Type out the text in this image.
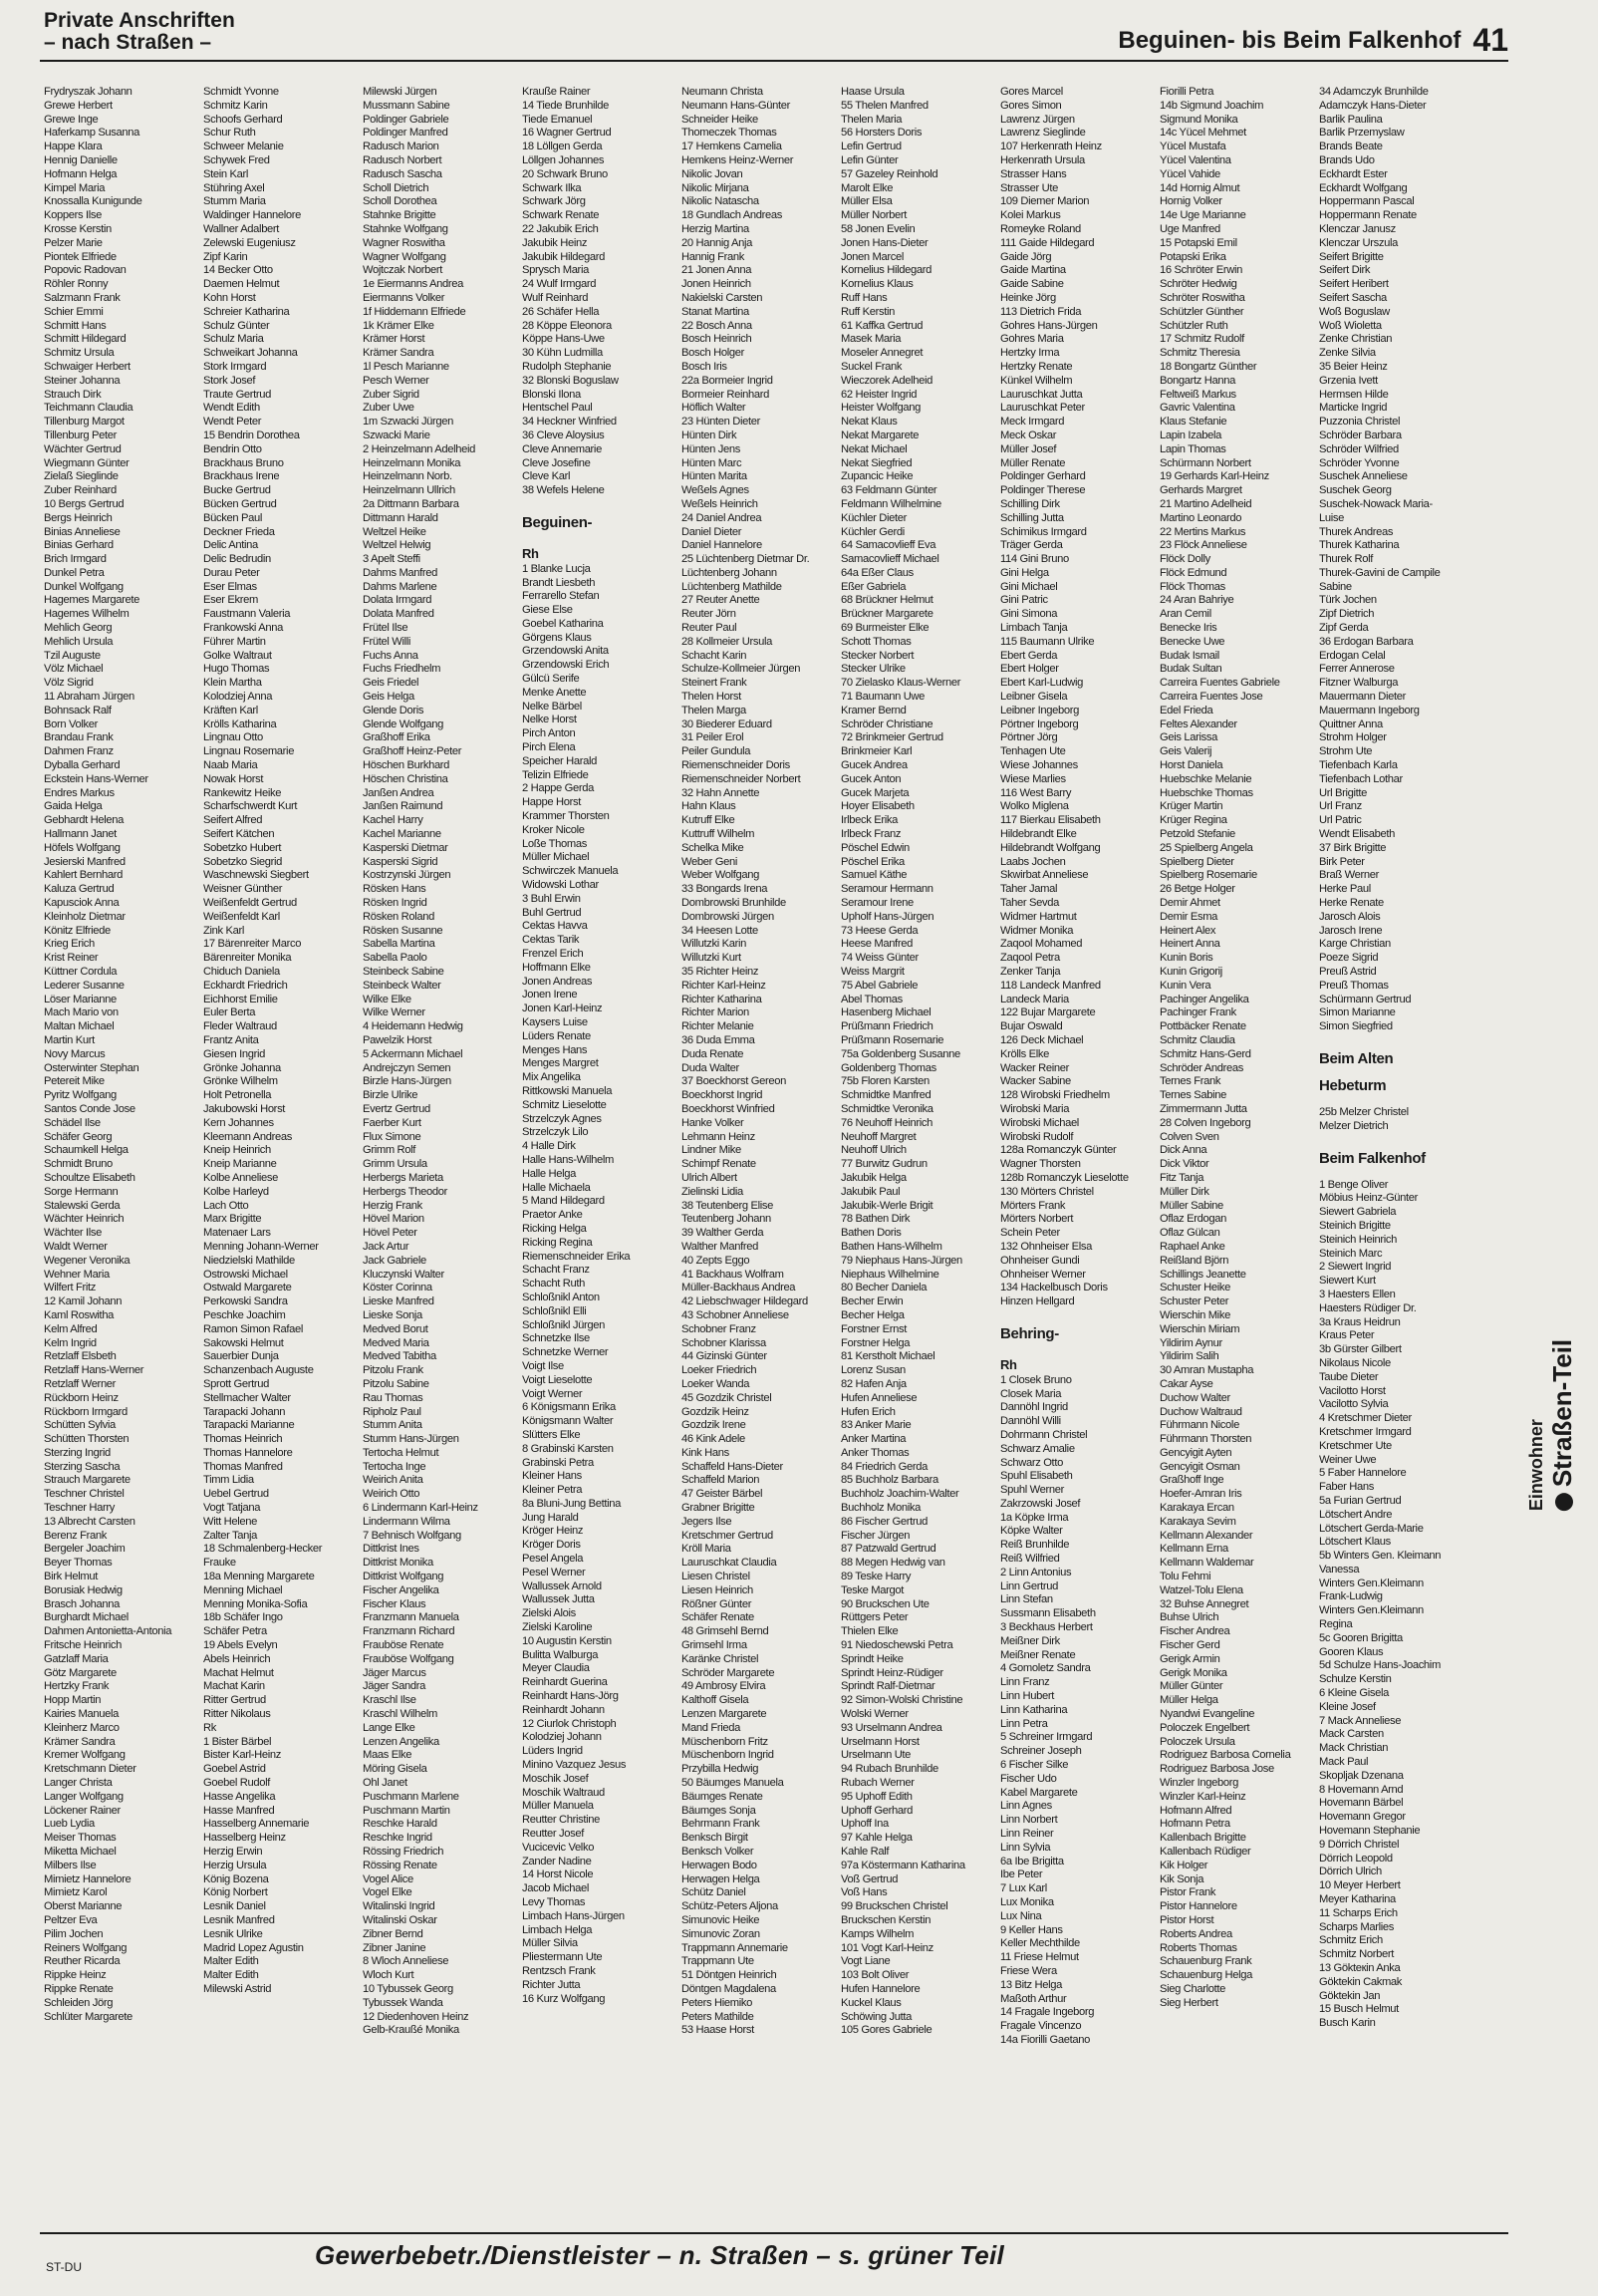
Private Anschriften
– nach Straßen –	Beguinen- bis Beim Falkenhof 41
Frydryszak Johann
Grewe Herbert
Grewe Inge
Haferkamp Susanna
Happe Klara
Hennig Danielle
Hofmann Helga
Kimpel Maria
Knossalla Kunigunde
Koppers Ilse
Krosse Kerstin
Pelzer Marie
Piontek Elfriede
Popovic Radovan
Röhler Ronny
Salzmann Frank
Schier Emmi
Schmitt Hans
Schmitt Hildegard
Schmitz Ursula
Schwaiger Herbert
Steiner Johanna
Strauch Dirk
Teichmann Claudia
Tillenburg Margot
Tillenburg Peter
Wächter Gertrud
Wiegmann Günter
Zielaß Sieglinde
Zuber Reinhard
10 Bergs Gertrud
Bergs Heinrich
Binias Anneliese
Binias Gerhard
Brich Irmgard
Dunkel Petra
Dunkel Wolfgang
Hagemes Margarete
Hagemes Wilhelm
Mehlich Georg
Mehlich Ursula
Tzil Auguste
Völz Michael
Völz Sigrid
11 Abraham Jürgen
Bohnsack Ralf
Born Volker
Brandau Frank
Dahmen Franz
Dyballa Gerhard
Eckstein Hans-Werner
Endres Markus
Gaida Helga
Gebhardt Helena
Hallmann Janet
Höfels Wolfgang
Jesierski Manfred
Kahlert Bernhard
Kaluza Gertrud
Kapusciok Anna
Kleinholz Dietmar
Könitz Elfriede
Krieg Erich
Krist Reiner
Küttner Cordula
Lederer Susanne
Löser Marianne
Mach Mario von
Maltan Michael
Martin Kurt
Novy Marcus
Osterwinter Stephan
Petereit Mike
Pyritz Wolfgang
Santos Conde Jose
Schädel Ilse
Schäfer Georg
Schaumkell Helga
Schmidt Bruno
Schoultze Elisabeth
Sorge Hermann
Stalewski Gerda
Wächter Heinrich
Wächter Ilse
Waldt Werner
Wegener Veronika
Wehner Maria
Wilfert Fritz
12 Kamil Johann
Kaml Roswitha
Kelm Alfred
Kelm Ingrid
Retzlaff Elsbeth
Retzlaff Hans-Werner
Retzlaff Werner
Rückborn Heinz
Rückborn Irmgard
Schütten Sylvia
Schütten Thorsten
Sterzing Ingrid
Sterzing Sascha
Strauch Margarete
Teschner Christel
Teschner Harry
13 Albrecht Carsten
Berenz Frank
Bergeler Joachim
Beyer Thomas
Birk Helmut
Borusiak Hedwig
Brasch Johanna
Burghardt Michael
Dahmen Antonietta-Antonia
Fritsche Heinrich
Gatzlaff Maria
Götz Margarete
Hertzky Frank
Hopp Martin
Kairies Manuela
Kleinherz Marco
Krämer Sandra
Kremer Wolfgang
Kretschmann Dieter
Langer Christa
Langer Wolfgang
Löckener Rainer
Lueb Lydia
Meiser Thomas
Miketta Michael
Milbers Ilse
Mimietz Hannelore
Mimietz Karol
Oberst Marianne
Peltzer Eva
Pilim Jochen
Reiners Wolfgang
Reuther Ricarda
Rippke Heinz
Rippke Renate
Schleiden Jörg
Schlüter Margarete
Schmidt Yvonne
Schmitz Karin
Schoofs Gerhard
Schur Ruth
Schweer Melanie
Schywek Fred
Stein Karl
Stühring Axel
Stumm Maria
Waldinger Hannelore
Wallner Adalbert
Zelewski Eugeniusz
Zipf Karin
14 Becker Otto
Daemen Helmut
Kohn Horst
Schreier Katharina
Schulz Günter
Schulz Maria
Schweikart Johanna
Stork Irmgard
Stork Josef
Traute Gertrud
Wendt Edith
Wendt Peter
15 Bendrin Dorothea
Bendrin Otto
Brackhaus Bruno
Brackhaus Irene
Bucke Gertrud
Bücken Gertrud
Bücken Paul
Deckner Frieda
Delic Antina
Delic Bedrudin
Durau Peter
Eser Elmas
Eser Ekrem
Faustmann Valeria
Frankowski Anna
Führer Martin
Golke Waltraut
Hugo Thomas
Klein Martha
Kolodziej Anna
Kräften Karl
Krölls Katharina
Lingnau Otto
Lingnau Rosemarie
Naab Maria
Nowak Horst
Rankewitz Heike
Scharfschwerdt Kurt
Seifert Alfred
Seifert Kätchen
Sobetzko Hubert
Sobetzko Siegrid
Waschnewski Siegbert
Weisner Günther
Weißenfeldt Gertrud
Weißenfeldt Karl
Zink Karl
17 Bärenreiter Marco
Bärenreiter Monika
Chiduch Daniela
Eckhardt Friedrich
Eichhorst Emilie
Euler Berta
Fleder Waltraud
Frantz Anita
Giesen Ingrid
Grönke Johanna
Grönke Wilhelm
Holt Petronella
Jakubowski Horst
Kern Johannes
Kleemann Andreas
Kneip Heinrich
Kneip Marianne
Kolbe Anneliese
Kolbe Harleyd
Lach Otto
Marx Brigitte
Matenaer Lars
Menning Johann-Werner
Niedzielski Mathilde
Ostrowski Michael
Ostwald Margarete
Perkowski Sandra
Peschke Joachim
Ramon Simon Rafael
Sakowski Helmut
Sauerbier Dunja
Schanzenbach Auguste
Sprott Gertrud
Stellmacher Walter
Tarapacki Johann
Tarapacki Marianne
Thomas Heinrich
Thomas Hannelore
Thomas Manfred
Timm Lidia
Uebel Gertrud
Vogt Tatjana
Witt Helene
Zalter Tanja
18 Schmalenberg-Hecker
Frauke
18a Menning Margarete
Menning Michael
Menning Monika-Sofia
18b Schäfer Ingo
Schäfer Petra
19 Abels Evelyn
Abels Heinrich
Machat Helmut
Machat Karin
Ritter Gertrud
Ritter Nikolaus
Rk
1 Bister Bärbel
Bister Karl-Heinz
Goebel Astrid
Goebel Rudolf
Hasse Angelika
Hasse Manfred
Hasselberg Annemarie
Hasselberg Heinz
Herzig Erwin
Herzig Ursula
König Bozena
König Norbert
Lesnik Daniel
Lesnik Manfred
Lesnik Ulrike
Madrid Lopez Agustin
Malter Edith
Malter Edith
Milewski Astrid
Milewski Jürgen
Mussmann Sabine
Poldinger Gabriele
Poldinger Manfred
Radusch Marion
Radusch Norbert
Radusch Sascha
Scholl Dietrich
Scholl Dorothea
Stahnke Brigitte
Stahnke Wolfgang
Wagner Roswitha
Wagner Wolfgang
Wojtczak Norbert
1e Eiermanns Andrea
Eiermanns Volker
1f Hiddemann Elfriede
1k Krämer Elke
Krämer Horst
Krämer Sandra
1l Pesch Marianne
Pesch Werner
Zuber Sigrid
Zuber Uwe
1m Szwacki Jürgen
Szwacki Marie
2 Heinzelmann Adelheid
Heinzelmann Monika
Heinzelmann Norb.
Heinzelmann Ullrich
2a Dittmann Barbara
Dittmann Harald
Weltzel Heike
Weltzel Helwig
3 Apelt Steffi
Dahms Manfred
Dahms Marlene
Dolata Irmgard
Dolata Manfred
Frütel Ilse
Frütel Willi
Fuchs Anna
Fuchs Friedhelm
Geis Friedel
Geis Helga
Glende Doris
Glende Wolfgang
Graßhoff Erika
Graßhoff Heinz-Peter
Höschen Burkhard
Höschen Christina
Janßen Andrea
Janßen Raimund
Kachel Harry
Kachel Marianne
Kasperski Dietmar
Kasperski Sigrid
Kostrzynski Jürgen
Rösken Hans
Rösken Ingrid
Rösken Roland
Rösken Susanne
Sabella Martina
Sabella Paolo
Steinbeck Sabine
Steinbeck Walter
Wilke Elke
Wilke Werner
4 Heidemann Hedwig
Pawelzik Horst
5 Ackermann Michael
Andrejczyn Semen
Birzle Hans-Jürgen
Birzle Ulrike
Evertz Gertrud
Faerber Kurt
Flux Simone
Grimm Rolf
Grimm Ursula
Herbergs Marieta
Herbergs Theodor
Herzig Frank
Hövel Marion
Hövel Peter
Jack Artur
Jack Gabriele
Kluczynski Walter
Köster Corinna
Lieske Manfred
Lieske Sonja
Medved Borut
Medved Maria
Medved Tabitha
Pitzolu Frank
Pitzolu Sabine
Rau Thomas
Ripholz Paul
Stumm Anita
Stumm Hans-Jürgen
Tertocha Helmut
Tertocha Inge
Weirich Anita
Weirich Otto
6 Lindermann Karl-Heinz
Lindermann Wilma
7 Behnisch Wolfgang
Dittkrist Ines
Dittkrist Monika
Dittkrist Wolfgang
Fischer Angelika
Fischer Klaus
Franzmann Manuela
Franzmann Richard
Frauböse Renate
Frauböse Wolfgang
Jäger Marcus
Jäger Sandra
Kraschl Ilse
Kraschl Wilhelm
Lange Elke
Lenzen Angelika
Maas Elke
Möring Gisela
Ohl Janet
Puschmann Marlene
Puschmann Martin
Reschke Harald
Reschke Ingrid
Rössing Friedrich
Rössing Renate
Vogel Alice
Vogel Elke
Witalinski Ingrid
Witalinski Oskar
Zibner Bernd
Zibner Janine
8 Wloch Anneliese
Wloch Kurt
10 Tybussek Georg
Tybussek Wanda
12 Diedenhoven Heinz
Gelb-Kraußé Monika
Krauße Rainer
14 Tiede Brunhilde
Tiede Emanuel
16 Wagner Gertrud
18 Löllgen Gerda
Löllgen Johannes
20 Schwark Bruno
Schwark Ilka
Schwark Jörg
Schwark Renate
22 Jakubik Erich
Jakubik Heinz
Jakubik Hildegard
Sprysch Maria
24 Wulf Irmgard
Wulf Reinhard
26 Schäfer Hella
28 Köppe Eleonora
Köppe Hans-Uwe
30 Kühn Ludmilla
Rudolph Stephanie
32 Blonski Boguslaw
Blonski Ilona
Hentschel Paul
34 Heckner Winfried
36 Cleve Aloysius
Cleve Annemarie
Cleve Josefine
Cleve Karl
38 Wefels Helene
Beguinen-
Rh
1 Blanke Lucja
Brandt Liesbeth
Ferrarello Stefan
Giese Else
Goebel Katharina
Görgens Klaus
Grzendowski Anita
Grzendowski Erich
Gülcü Serife
Menke Anette
Nelke Bärbel
Nelke Horst
Pirch Anton
Pirch Elena
Speicher Harald
Telizin Elfriede
2 Happe Gerda
Happe Horst
Krammer Thorsten
Kroker Nicole
Loße Thomas
Müller Michael
Schwirczek Manuela
Widowski Lothar
3 Buhl Erwin
Buhl Gertrud
Cektas Havva
Cektas Tarik
Frenzel Erich
Hoffmann Elke
Jonen Andreas
Jonen Irene
Jonen Karl-Heinz
Kaysers Luise
Lüders Renate
Menges Hans
Menges Margret
Mix Angelika
Rittkowski Manuela
Schmitz Lieselotte
Strzelczyk Agnes
Strzelczyk Lilo
4 Halle Dirk
Halle Hans-Wilhelm
Halle Helga
Halle Michaela
5 Mand Hildegard
Praetor Anke
Ricking Helga
Ricking Regina
Riemenschneider Erika
Schacht Franz
Schacht Ruth
Schloßnikl Anton
Schloßnikl Elli
Schloßnikl Jürgen
Schnetzke Ilse
Schnetzke Werner
Voigt Ilse
Voigt Lieselotte
Voigt Werner
6 Königsmann Erika
Königsmann Walter
Slütters Elke
8 Grabinski Karsten
Grabinski Petra
Kleiner Hans
Kleiner Petra
8a Bluni-Jung Bettina
Jung Harald
Kröger Heinz
Kröger Doris
Pesel Angela
Pesel Werner
Wallussek Arnold
Wallussek Jutta
Zielski Alois
Zielski Karoline
10 Augustin Kerstin
Bulitta Walburga
Meyer Claudia
Reinhardt Guerina
Reinhardt Hans-Jörg
Reinhardt Johann
12 Ciurlok Christoph
Kolodziej Johann
Lüders Ingrid
Minino Vazquez Jesus
Moschik Josef
Moschik Waltraud
Müller Manuela
Reutter Christine
Reutter Josef
Vucicevic Velko
Zander Nadine
14 Horst Nicole
Jacob Michael
Levy Thomas
Limbach Hans-Jürgen
Limbach Helga
Müller Silvia
Pliestermann Ute
Rentzsch Frank
Richter Jutta
16 Kurz Wolfgang
Neumann Christa
Neumann Hans-Günter
Schneider Heike
Thomeczek Thomas
17 Hemkens Camelia
Hemkens Heinz-Werner
Nikolic Jovan
Nikolic Mirjana
Nikolic Natascha
18 Gundlach Andreas
Herzig Martina
20 Hannig Anja
Hannig Frank
21 Jonen Anna
Jonen Heinrich
Nakielski Carsten
Stanat Martina
22 Bosch Anna
Bosch Heinrich
Bosch Holger
Bosch Iris
22a Bormeier Ingrid
Bormeier Reinhard
Höflich Walter
23 Hünten Dieter
Hünten Dirk
Hünten Jens
Hünten Marc
Hünten Marita
Weßels Agnes
Weßels Heinrich
24 Daniel Andrea
Daniel Dieter
Daniel Hannelore
25 Lüchtenberg Dietmar Dr.
Lüchtenberg Johann
Lüchtenberg Mathilde
27 Reuter Anette
Reuter Jörn
Reuter Paul
28 Kollmeier Ursula
Schacht Karin
Schulze-Kollmeier Jürgen
Steinert Frank
Thelen Horst
Thelen Marga
30 Biederer Eduard
31 Peiler Erol
Peiler Gundula
Riemenschneider Doris
Riemenschneider Norbert
32 Hahn Annette
Hahn Klaus
Kutruff Elke
Kuttruff Wilhelm
Schelka Mike
Weber Geni
Weber Wolfgang
33 Bongards Irena
Dombrowski Brunhilde
Dombrowski Jürgen
34 Heesen Lotte
Willutzki Karin
Willutzki Kurt
35 Richter Heinz
Richter Karl-Heinz
Richter Katharina
Richter Marion
Richter Melanie
36 Duda Emma
Duda Renate
Duda Walter
37 Boeckhorst Gereon
Boeckhorst Ingrid
Boeckhorst Winfried
Hanke Volker
Lehmann Heinz
Lindner Mike
Schimpf Renate
Ulrich Albert
Zielinski Lidia
38 Teutenberg Elise
Teutenberg Johann
39 Walther Gerda
Walther Manfred
40 Zepts Eggo
41 Backhaus Wolfram
Müller-Backhaus Andrea
42 Liebschwager Hildegard
43 Schobner Anneliese
Schobner Franz
Schobner Klarissa
44 Gizinski Günter
Loeker Friedrich
Loeker Wanda
45 Gozdzik Christel
Gozdzik Heinz
Gozdzik Irene
46 Kink Adele
Kink Hans
Schaffeld Hans-Dieter
Schaffeld Marion
47 Geister Bärbel
Grabner Brigitte
Jegers Ilse
Kretschmer Gertrud
Kröll Maria
Lauruschkat Claudia
Liesen Christel
Liesen Heinrich
Rößner Günter
Schäfer Renate
48 Grimsehl Bernd
Grimsehl Irma
Karänke Christel
Schröder Margarete
49 Ambrosy Elvira
Kalthoff Gisela
Lenzen Margarete
Mand Frieda
Müschenborn Fritz
Müschenborn Ingrid
Przybilla Hedwig
50 Bäumges Manuela
Bäumges Renate
Bäumges Sonja
Behrmann Frank
Benksch Birgit
Benksch Volker
Herwagen Bodo
Herwagen Helga
Schütz Daniel
Schütz-Peters Aljona
Simunovic Heike
Simunovic Zoran
Trappmann Annemarie
Trappmann Ute
51 Döntgen Heinrich
Döntgen Magdalena
Peters Hiemiko
Peters Mathilde
53 Haase Horst
Haase Ursula
55 Thelen Manfred
Thelen Maria
56 Horsters Doris
Lefin Gertrud
Lefin Günter
57 Gazeley Reinhold
Marolt Elke
Müller Elsa
Müller Norbert
58 Jonen Evelin
Jonen Hans-Dieter
Jonen Marcel
Kornelius Hildegard
Kornelius Klaus
Ruff Hans
Ruff Kerstin
61 Kaffka Gertrud
Masek Maria
Moseler Annegret
Suckel Frank
Wieczorek Adelheid
62 Heister Ingrid
Heister Wolfgang
Nekat Klaus
Nekat Margarete
Nekat Michael
Nekat Siegfried
Zupancic Heike
63 Feldmann Günter
Feldmann Wilhelmine
Küchler Dieter
Küchler Gerdi
64 Samacovlieff Eva
Samacovlieff Michael
64a Eßer Claus
Eßer Gabriela
68 Brückner Helmut
Brückner Margarete
69 Burmeister Elke
Schott Thomas
Stecker Norbert
Stecker Ulrike
70 Zielasko Klaus-Werner
71 Baumann Uwe
Kramer Bernd
Schröder Christiane
72 Brinkmeier Gertrud
Brinkmeier Karl
Gucek Andrea
Gucek Anton
Gucek Marjeta
Hoyer Elisabeth
Irlbeck Erika
Irlbeck Franz
Pöschel Edwin
Pöschel Erika
Samuel Käthe
Seramour Hermann
Seramour Irene
Upholf Hans-Jürgen
73 Heese Gerda
Heese Manfred
74 Weiss Günter
Weiss Margrit
75 Abel Gabriele
Abel Thomas
Hasenberg Michael
Prüßmann Friedrich
Prüßmann Rosemarie
75a Goldenberg Susanne
Goldenberg Thomas
75b Floren Karsten
Schmidtke Manfred
Schmidtke Veronika
76 Neuhoff Heinrich
Neuhoff Margret
Neuhoff Ulrich
77 Burwitz Gudrun
Jakubik Helga
Jakubik Paul
Jakubik-Werle Brigit
78 Bathen Dirk
Bathen Doris
Bathen Hans-Wilhelm
79 Niephaus Hans-Jürgen
Niephaus Wilhelmine
80 Becher Daniela
Becher Erwin
Becher Helga
Forstner Ernst
Forstner Helga
81 Kerstholt Michael
Lorenz Susan
82 Hafen Anja
Hufen Anneliese
Hufen Erich
83 Anker Marie
Anker Martina
Anker Thomas
84 Friedrich Gerda
85 Buchholz Barbara
Buchholz Joachim-Walter
Buchholz Monika
86 Fischer Gertrud
Fischer Jürgen
87 Patzwald Gertrud
88 Megen Hedwig van
89 Teske Harry
Teske Margot
90 Bruckschen Ute
Rüttgers Peter
Thielen Elke
91 Niedoschewski Petra
Sprindt Heike
Sprindt Heinz-Rüdiger
Sprindt Ralf-Dietmar
92 Simon-Wolski Christine
Wolski Werner
93 Urselmann Andrea
Urselmann Horst
Urselmann Ute
94 Rubach Brunhilde
Rubach Werner
95 Uphoff Edith
Uphoff Gerhard
Uphoff Ina
97 Kahle Helga
Kahle Ralf
97a Köstermann Katharina
Voß Gertrud
Voß Hans
99 Bruckschen Christel
Bruckschen Kerstin
Kamps Wilhelm
101 Vogt Karl-Heinz
Vogt Liane
103 Bolt Oliver
Hufen Hannelore
Kuckel Klaus
Schöwing Jutta
105 Gores Gabriele
Gores Marcel
Gores Simon
Lawrenz Jürgen
Lawrenz Sieglinde
107 Herkenrath Heinz
Herkenrath Ursula
Strasser Hans
Strasser Ute
109 Diemer Marion
Kolei Markus
Romeyke Roland
111 Gaide Hildegard
Gaide Jörg
Gaide Martina
Gaide Sabine
Heinke Jörg
113 Dietrich Frida
Gohres Hans-Jürgen
Gohres Maria
Hertzky Irma
Hertzky Renate
Künkel Wilhelm
Lauruschkat Jutta
Lauruschkat Peter
Meck Irmgard
Meck Oskar
Müller Josef
Müller Renate
Poldinger Gerhard
Poldinger Therese
Schilling Dirk
Schilling Jutta
Schimikus Irmgard
Träger Gerda
114 Gini Bruno
Gini Helga
Gini Michael
Gini Patric
Gini Simona
Limbach Tanja
115 Baumann Ulrike
Ebert Gerda
Ebert Holger
Ebert Karl-Ludwig
Leibner Gisela
Leibner Ingeborg
Pörtner Ingeborg
Pörtner Jörg
Tenhagen Ute
Wiese Johannes
Wiese Marlies
116 West Barry
Wolko Miglena
117 Bierkau Elisabeth
Hildebrandt Elke
Hildebrandt Wolfgang
Laabs Jochen
Skwirbat Anneliese
Taher Jamal
Taher Sevda
Widmer Hartmut
Widmer Monika
Zaqool Mohamed
Zaqool Petra
Zenker Tanja
118 Landeck Manfred
Landeck Maria
122 Bujar Margarete
Bujar Oswald
126 Deck Michael
Krölls Elke
Wacker Reiner
Wacker Sabine
128 Wirobski Friedhelm
Wirobski Maria
Wirobski Michael
Wirobski Rudolf
128a Romanczyk Günter
Wagner Thorsten
128b Romanczyk Lieselotte
130 Mörters Christel
Mörters Frank
Mörters Norbert
Schein Peter
132 Ohnheiser Elsa
Ohnheiser Gundi
Ohnheiser Werner
134 Hackelbusch Doris
Hinzen Hellgard
Behring-
Rh
1 Closek Bruno
Closek Maria
Dannöhl Ingrid
Dannöhl Willi
Dohrmann Christel
Schwarz Amalie
Schwarz Otto
Spuhl Elisabeth
Spuhl Werner
Zakrzowski Josef
1a Köpke Irma
Köpke Walter
Reiß Brunhilde
Reiß Wilfried
2 Linn Antonius
Linn Gertrud
Linn Stefan
Sussmann Elisabeth
3 Beckhaus Herbert
Meißner Dirk
Meißner Renate
4 Gomoletz Sandra
Linn Franz
Linn Hubert
Linn Katharina
Linn Petra
5 Schreiner Irmgard
Schreiner Joseph
6 Fischer Silke
Fischer Udo
Kabel Margarete
Linn Agnes
Linn Norbert
Linn Reiner
Linn Sylvia
6a Ibe Brigitta
Ibe Peter
7 Lux Karl
Lux Monika
Lux Nina
9 Keller Hans
Keller Mechthilde
11 Friese Helmut
Friese Wera
13 Bitz Helga
Maßoth Arthur
14 Fragale Ingeborg
Fragale Vincenzo
14a Fiorilli Gaetano
Fiorilli Petra
14b Sigmund Joachim
Sigmund Monika
14c Yücel Mehmet
Yücel Mustafa
Yücel Valentina
Yücel Vahide
14d Hornig Almut
Hornig Volker
14e Uge Marianne
Uge Manfred
15 Potapski Emil
Potapski Erika
16 Schröter Erwin
Schröter Hedwig
Schröter Roswitha
Schützler Günther
Schützler Ruth
17 Schmitz Rudolf
Schmitz Theresia
18 Bongartz Günther
Bongartz Hanna
Feltweiß Markus
Gavric Valentina
Klaus Stefanie
Lapin Izabela
Lapin Thomas
Schürmann Norbert
19 Gerhards Karl-Heinz
Gerhards Margret
21 Martino Adelheid
Martino Leonardo
22 Mertins Markus
23 Flöck Anneliese
Flöck Dolly
Flöck Edmund
Flöck Thomas
24 Aran Bahriye
Aran Cemil
Benecke Iris
Benecke Uwe
Budak Ismail
Budak Sultan
Carreira Fuentes Gabriele
Carreira Fuentes Jose
Edel Frieda
Feltes Alexander
Geis Larissa
Geis Valerij
Horst Daniela
Huebschke Melanie
Huebschke Thomas
Krüger Martin
Krüger Regina
Petzold Stefanie
25 Spielberg Angela
Spielberg Dieter
Spielberg Rosemarie
26 Betge Holger
Demir Ahmet
Demir Esma
Heinert Alex
Heinert Anna
Kunin Boris
Kunin Grigorij
Kunin Vera
Pachinger Angelika
Pachinger Frank
Pottbäcker Renate
Schmitz Claudia
Schmitz Hans-Gerd
Schröder Andreas
Ternes Frank
Ternes Sabine
Zimmermann Jutta
28 Colven Ingeborg
Colven Sven
Dick Anna
Dick Viktor
Fitz Tanja
Müller Dirk
Müller Sabine
Oflaz Erdogan
Oflaz Gülcan
Raphael Anke
Reißland Björn
Schillings Jeanette
Schuster Heike
Schuster Peter
Wierschin Mike
Wierschin Miriam
Yildirim Aynur
Yildirim Salih
30 Amran Mustapha
Cakar Ayse
Duchow Walter
Duchow Waltraud
Führmann Nicole
Führmann Thorsten
Gencyigit Ayten
Gencyigit Osman
Graßhoff Inge
Hoefer-Amran Iris
Karakaya Ercan
Karakaya Sevim
Kellmann Alexander
Kellmann Erna
Kellmann Waldemar
Tolu Fehmi
Watzel-Tolu Elena
32 Buhse Annegret
Buhse Ulrich
Fischer Andrea
Fischer Gerd
Gerigk Armin
Gerigk Monika
Müller Günter
Müller Helga
Nyandwi Evangeline
Poloczek Engelbert
Poloczek Ursula
Rodriguez Barbosa Cornelia
Rodriguez Barbosa Jose
Winzler Ingeborg
Winzler Karl-Heinz
Hofmann Alfred
Hofmann Petra
Kallenbach Brigitte
Kallenbach Rüdiger
Kik Holger
Kik Sonja
Pistor Frank
Pistor Hannelore
Pistor Horst
Roberts Andrea
Roberts Thomas
Schauenburg Frank
Schauenburg Helga
Sieg Charlotte
Sieg Herbert
34 Adamczyk Brunhilde
Adamczyk Hans-Dieter
Barlik Paulina
Barlik Przemyslaw
Brands Beate
Brands Udo
Eckhardt Ester
Eckhardt Wolfgang
Hoppermann Pascal
Hoppermann Renate
Klenczar Janusz
Klenczar Urszula
Seifert Brigitte
Seifert Dirk
Seifert Heribert
Seifert Sascha
Woß Boguslaw
Woß Wioletta
Zenke Christian
Zenke Silvia
35 Beier Heinz
Grzenia Ivett
Hermsen Hilde
Marticke Ingrid
Puzzonia Christel
Schröder Barbara
Schröder Wilfried
Schröder Yvonne
Suschek Anneliese
Suschek Georg
Suschek-Nowack Maria-
Luise
Thurek Andreas
Thurek Katharina
Thurek Rolf
Thurek-Gavini de Campile
Sabine
Türk Jochen
Zipf Dietrich
Zipf Gerda
36 Erdogan Barbara
Erdogan Celal
Ferrer Annerose
Fitzner Walburga
Mauermann Dieter
Mauermann Ingeborg
Quittner Anna
Strohm Holger
Strohm Ute
Tiefenbach Karla
Tiefenbach Lothar
Url Brigitte
Url Franz
Url Patric
Wendt Elisabeth
37 Birk Brigitte
Birk Peter
Braß Werner
Herke Paul
Herke Renate
Jarosch Alois
Jarosch Irene
Karge Christian
Poeze Sigrid
Preuß Astrid
Preuß Thomas
Schürmann Gertrud
Simon Marianne
Simon Siegfried
Beim Alten
Hebeturm
25b Melzer Christel
Melzer Dietrich
Beim Falkenhof
1 Benge Oliver
Möbius Heinz-Günter
Siewert Gabriela
Steinich Brigitte
Steinich Heinrich
Steinich Marc
2 Siewert Ingrid
Siewert Kurt
3 Haesters Ellen
Haesters Rüdiger Dr.
3a Kraus Heidrun
Kraus Peter
3b Gürster Gilbert
Nikolaus Nicole
Taube Dieter
Vacilotto Horst
Vacilotto Sylvia
4 Kretschmer Dieter
Kretschmer Irmgard
Kretschmer Ute
Weiner Uwe
5 Faber Hannelore
Faber Hans
5a Furian Gertrud
Lötschert Andre
Lötschert Gerda-Marie
Lötschert Klaus
5b Winters Gen. Kleimann
Vanessa
Winters Gen.Kleimann
Frank-Ludwig
Winters Gen.Kleimann
Regina
5c Gooren Brigitta
Gooren Klaus
5d Schulze Hans-Joachim
Schulze Kerstin
6 Kleine Gisela
Kleine Josef
7 Mack Anneliese
Mack Carsten
Mack Christian
Mack Paul
Skopljak Dzenana
8 Hovemann Arnd
Hovemann Bärbel
Hovemann Gregor
Hovemann Stephanie
9 Dörrich Christel
Dörrich Leopold
Dörrich Ulrich
10 Meyer Herbert
Meyer Katharina
11 Scharps Erich
Scharps Marlies
Schmitz Erich
Schmitz Norbert
13 Gökteкin Anka
Göktekin Cakmak
Göktekin Jan
15 Busch Helmut
Busch Karin
Einwohner Straßen-Teil
ST-DU	Gewerbebetr./Dienstleister – n. Straßen – s. grüner Teil
